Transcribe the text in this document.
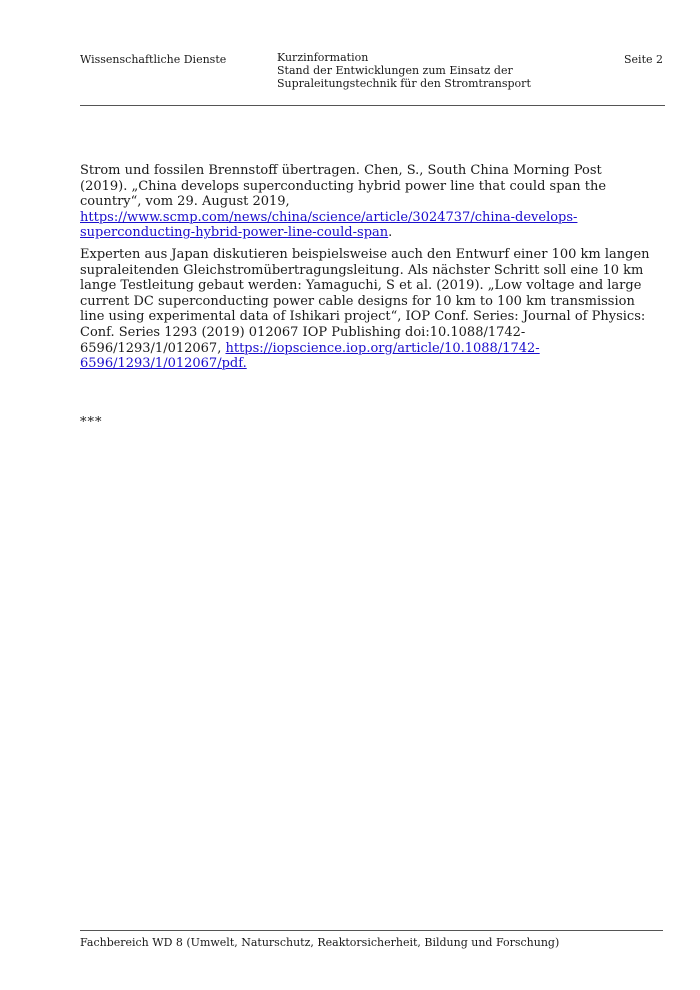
Wissenschaftliche Dienste	Kurzinformation
Stand der Entwicklungen zum Einsatz der
Supraleitungstechnik für den Stromtransport
Seite 2

Strom und fossilen Brennstoff übertragen. Chen, S., South China Morning Post (2019). „China develops superconducting hybrid power line that could span the country“, vom 29. August 2019, https://www.scmp.com/news/china/science/article/3024737/china-develops-superconducting-hybrid-power-line-could-span.

Experten aus Japan diskutieren beispielsweise auch den Entwurf einer 100 km langen supraleitenden Gleichstromübertragungsleitung. Als nächster Schritt soll eine 10 km lange Testleitung gebaut werden: Yamaguchi, S et al. (2019). „Low voltage and large current DC superconducting power cable designs for 10 km to 100 km transmission line using experimental data of Ishikari project“, IOP Conf. Series: Journal of Physics: Conf. Series 1293 (2019) 012067 IOP Publishing doi:10.1088/1742-6596/1293/1/012067, https://iopscience.iop.org/article/10.1088/1742-6596/1293/1/012067/pdf.

***
Fachbereich WD 8 (Umwelt, Naturschutz, Reaktorsicherheit, Bildung und Forschung)
